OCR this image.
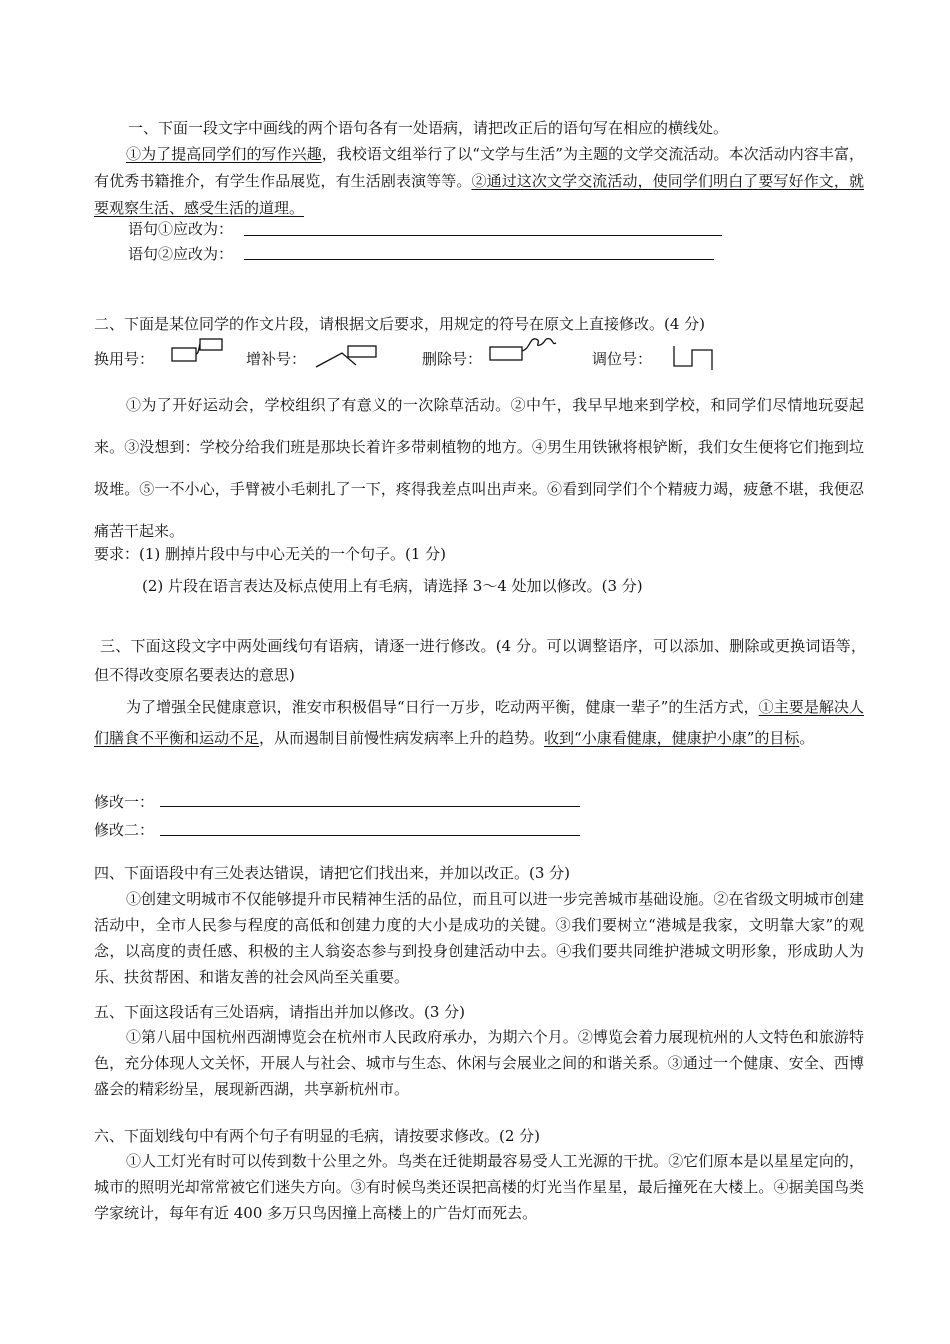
一、下面一段文字中画线的两个语句各有一处语病，请把改正后的语句写在相应的横线处。
①为了提高同学们的写作兴趣，我校语文组举行了以“文学与生活”为主题的文学交流活动。本次活动内容丰富，有优秀书籍推介，有学生作品展览，有生活剧表演等等。②通过这次文学交流活动，使同学们明白了要写好作文，就要观察生活、感受生活的道理。
语句①应改为：
语句②应改为：
二、下面是某位同学的作文片段，请根据文后要求，用规定的符号在原文上直接修改。(4 分)
换用号：	增补号：	删除号：	调位号：
①为了开好运动会，学校组织了有意义的一次除草活动。②中午，我早早地来到学校，和同学们尽情地玩耍起来。③没想到：学校分给我们班是那块长着许多带刺植物的地方。④男生用铁锹将根铲断，我们女生便将它们拖到垃圾堆。⑤一不小心，手臂被小毛刺扎了一下，疼得我差点叫出声来。⑥看到同学们个个精疲力竭，疲惫不堪，我便忍痛苦干起来。
要求：(1) 删掉片段中与中心无关的一个句子。(1 分)
(2) 片段在语言表达及标点使用上有毛病，请选择 3～4 处加以修改。(3 分)
三、下面这段文字中两处画线句有语病，请逐一进行修改。(4 分。可以调整语序，可以添加、删除或更换词语等，但不得改变原名要表达的意思)
为了增强全民健康意识，淮安市积极倡导“日行一万步，吃动两平衡，健康一辈子”的生活方式，①主要是解决人们膳食不平衡和运动不足，从而遏制目前慢性病发病率上升的趋势。收到“小康看健康，健康护小康”的目标。
修改一：
修改二：
四、下面语段中有三处表达错误，请把它们找出来，并加以改正。(3 分)
①创建文明城市不仅能够提升市民精神生活的品位，而且可以进一步完善城市基础设施。②在省级文明城市创建活动中，全市人民参与程度的高低和创建力度的大小是成功的关键。③我们要树立“港城是我家，文明靠大家”的观念，以高度的责任感、积极的主人翁姿态参与到投身创建活动中去。④我们要共同维护港城文明形象，形成助人为乐、扶贫帮困、和谐友善的社会风尚至关重要。
五、下面这段话有三处语病，请指出并加以修改。(3 分)
①第八届中国杭州西湖博览会在杭州市人民政府承办，为期六个月。②博览会着力展现杭州的人文特色和旅游特色，充分体现人文关怀，开展人与社会、城市与生态、休闲与会展业之间的和谐关系。③通过一个健康、安全、西博盛会的精彩纷呈，展现新西湖，共享新杭州市。
六、下面划线句中有两个句子有明显的毛病，请按要求修改。(2 分)
①人工灯光有时可以传到数十公里之外。鸟类在迁徙期最容易受人工光源的干扰。②它们原本是以星星定向的，城市的照明光却常常被它们迷失方向。③有时候鸟类还误把高楼的灯光当作星星，最后撞死在大楼上。④据美国鸟类学家统计，每年有近 400 多万只鸟因撞上高楼上的广告灯而死去。
